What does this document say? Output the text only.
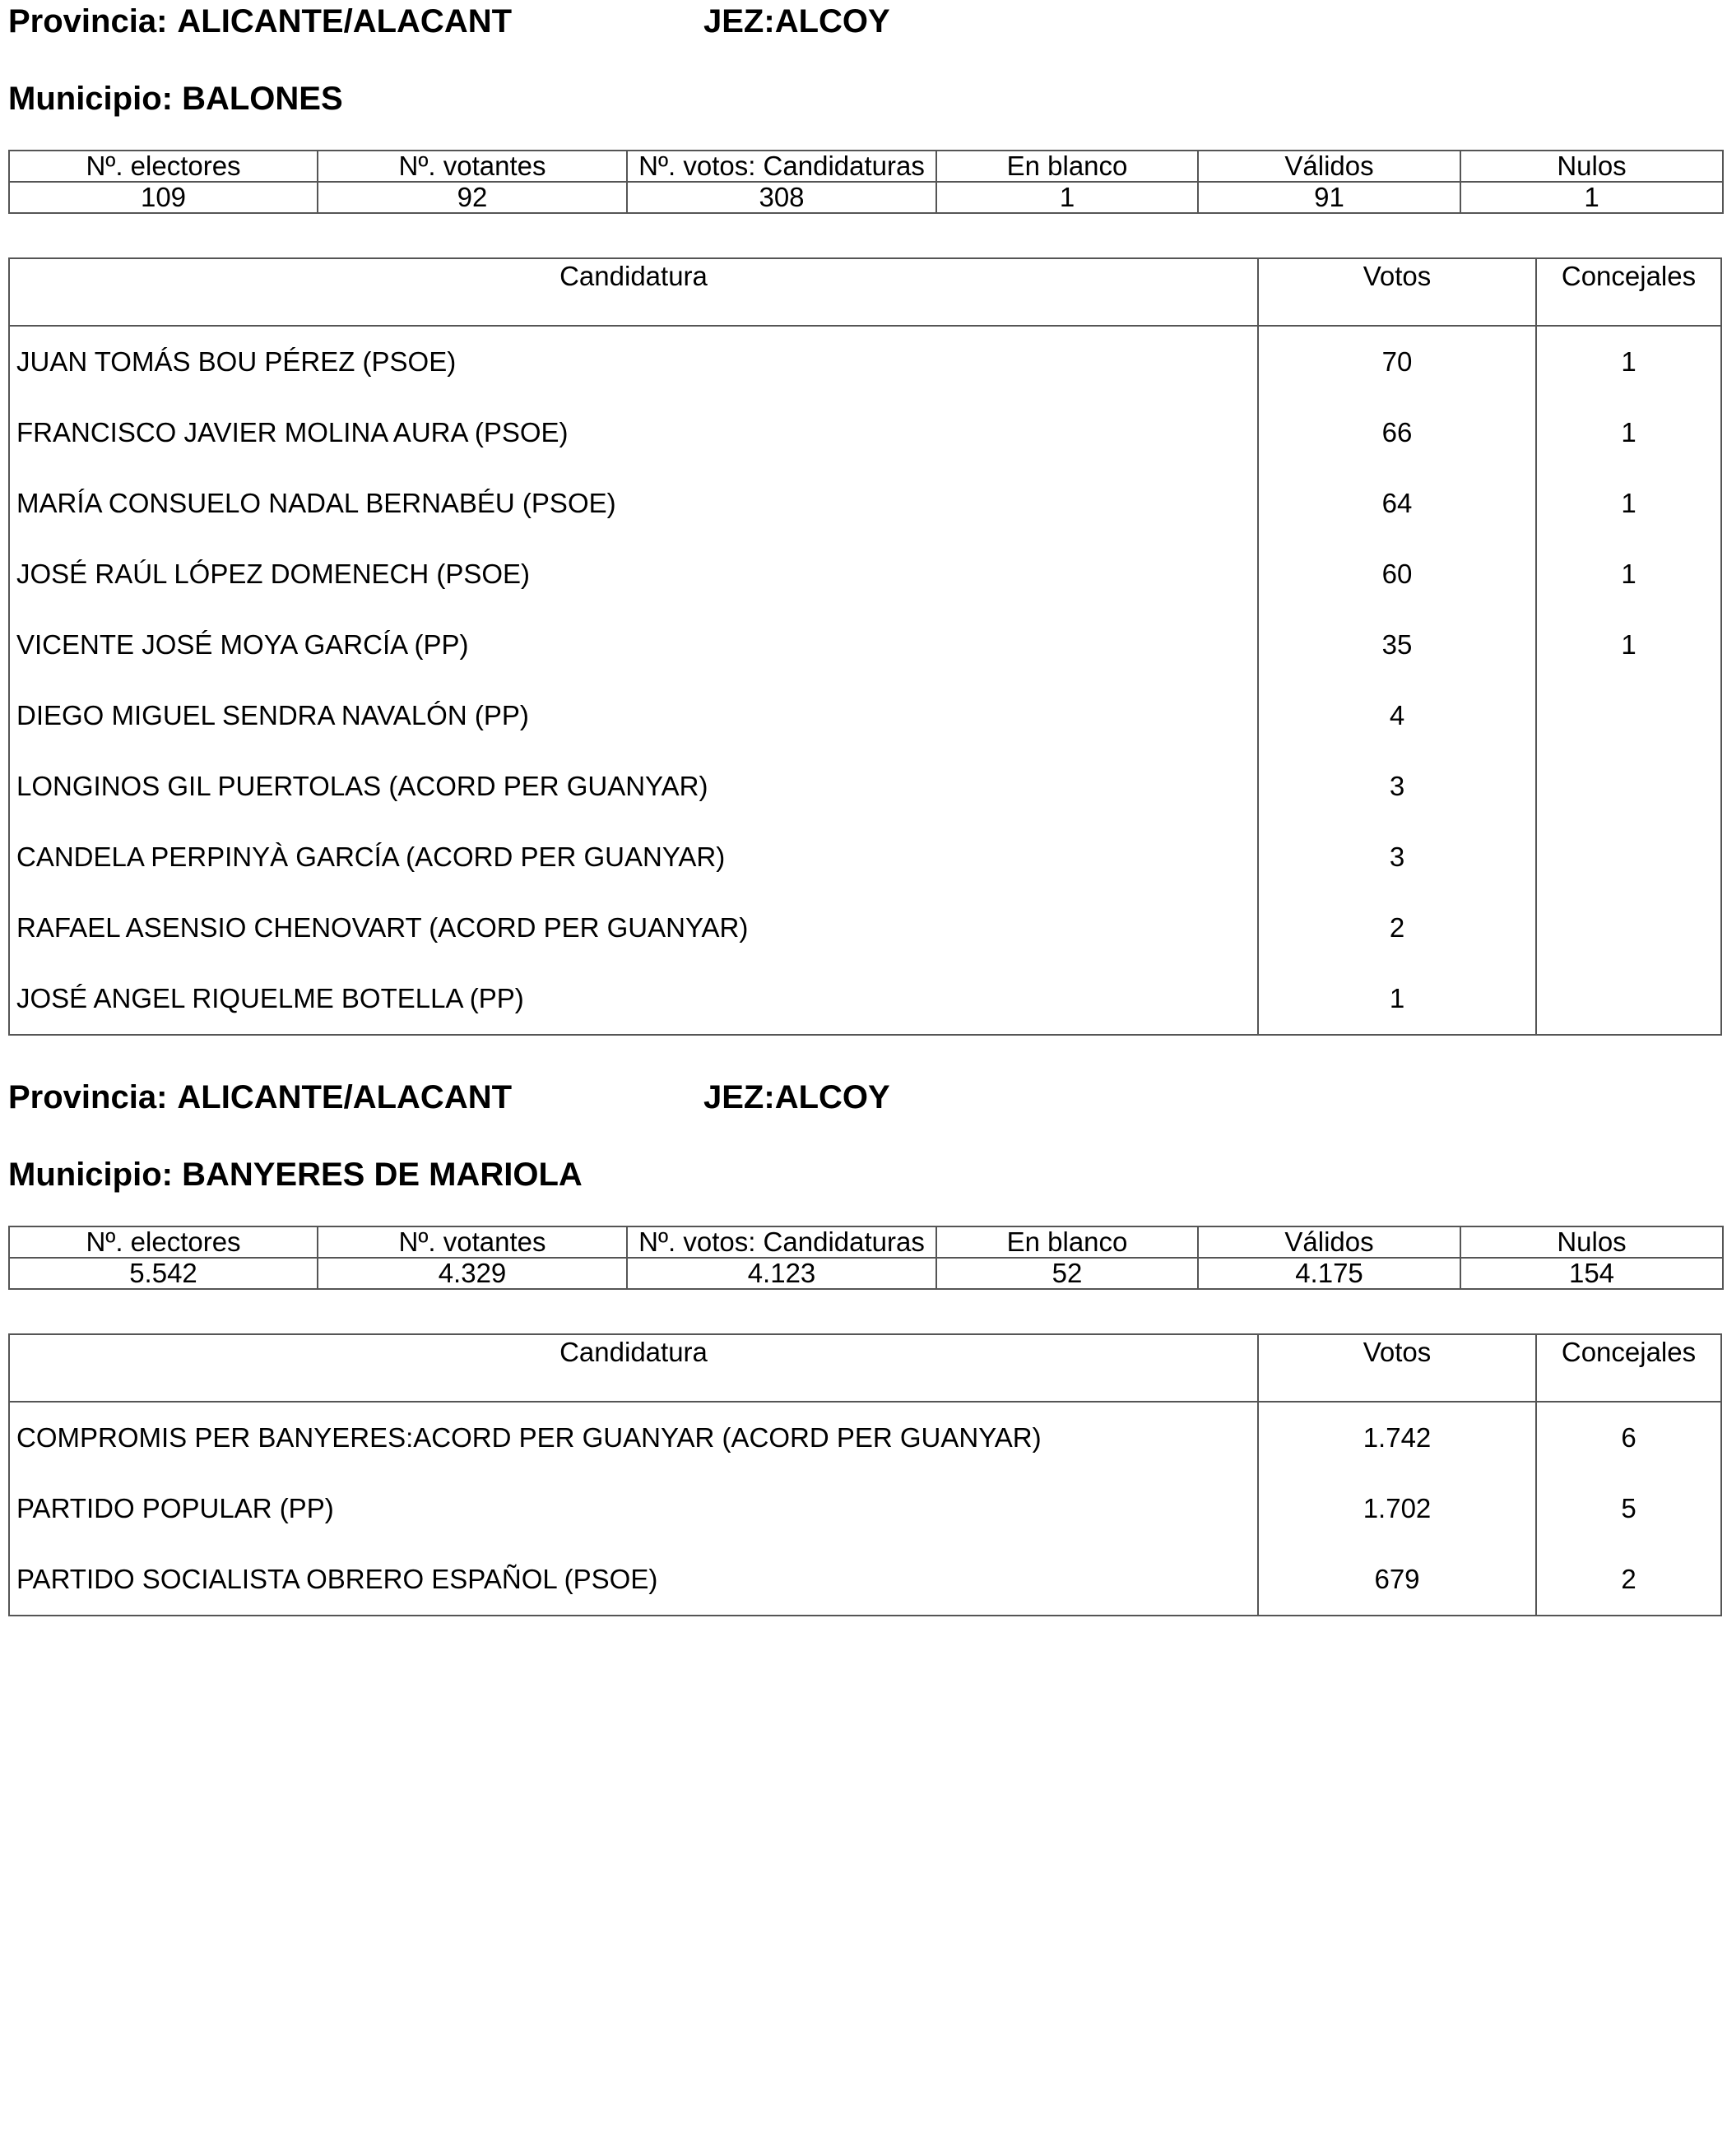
Provincia: ALICANTE/ALACANT	JEZ:ALCOY
Municipio: BALONES
Nº. electores	Nº. votantes	Nº. votos: Candidaturas	En blanco	Válidos	Nulos
109	92	308	1	91	1
Candidatura	Votos	Concejales
JUAN TOMÁS BOU PÉREZ (PSOE)	70	1
FRANCISCO JAVIER MOLINA AURA (PSOE)	66	1
MARÍA CONSUELO NADAL BERNABÉU (PSOE)	64	1
JOSÉ RAÚL LÓPEZ DOMENECH (PSOE)	60	1
VICENTE JOSÉ MOYA GARCÍA (PP)	35	1
DIEGO MIGUEL SENDRA NAVALÓN (PP)	4
LONGINOS GIL PUERTOLAS (ACORD PER GUANYAR)	3
CANDELA PERPINYÀ GARCÍA (ACORD PER GUANYAR)	3
RAFAEL ASENSIO CHENOVART (ACORD PER GUANYAR)	2
JOSÉ ANGEL RIQUELME BOTELLA (PP)	1
Provincia: ALICANTE/ALACANT	JEZ:ALCOY
Municipio: BANYERES DE MARIOLA
Nº. electores	Nº. votantes	Nº. votos: Candidaturas	En blanco	Válidos	Nulos
5.542	4.329	4.123	52	4.175	154
Candidatura	Votos	Concejales
COMPROMIS PER BANYERES:ACORD PER GUANYAR (ACORD PER GUANYAR)	1.742	6
PARTIDO POPULAR (PP)	1.702	5
PARTIDO SOCIALISTA OBRERO ESPAÑOL (PSOE)	679	2
